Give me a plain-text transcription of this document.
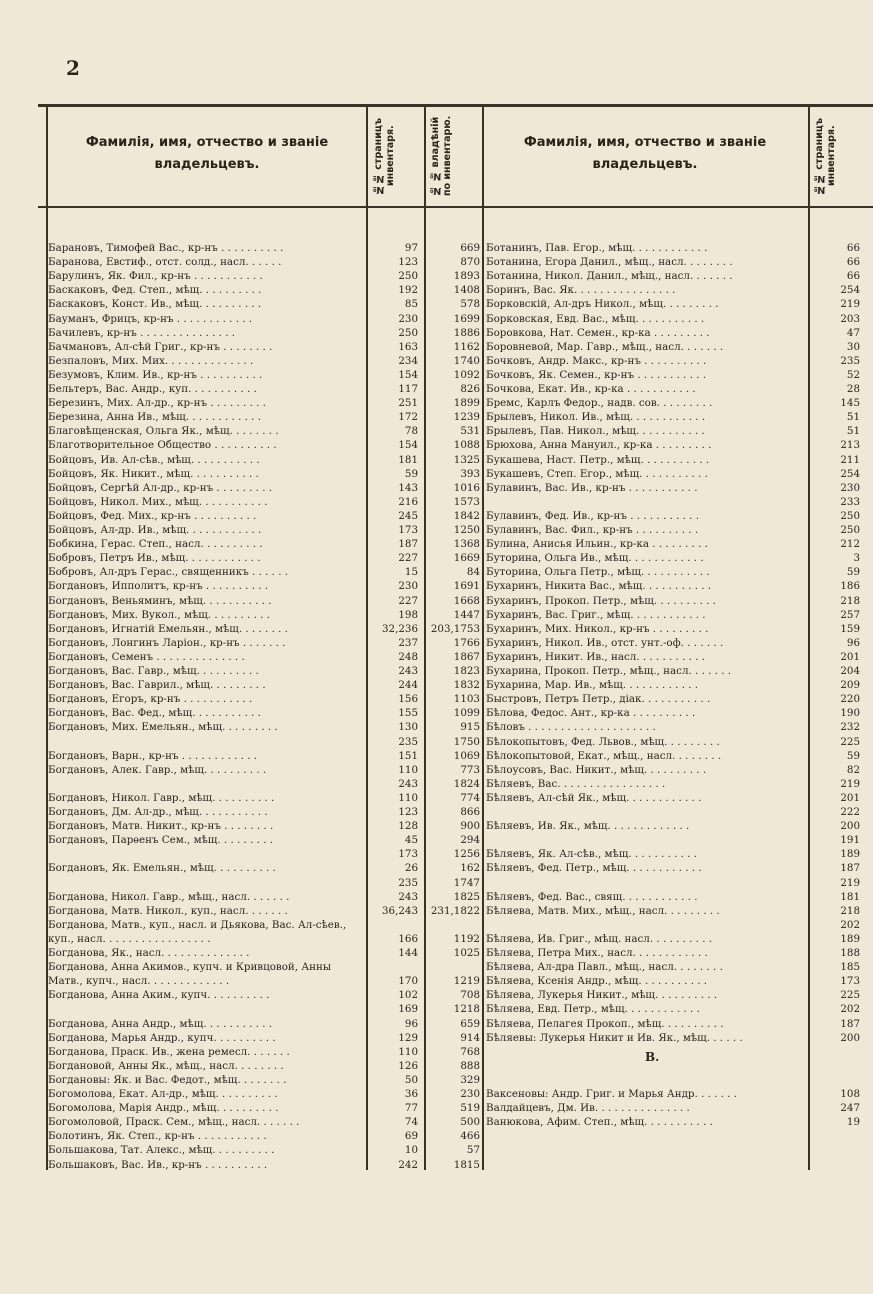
2
Фамилія, имя, отчество и званіе владельцевъ.
Фамилія, имя, отчество и званіе владельцевъ.
№№ страницъ инвентаря.	№ № владѣній по инвентарю.	№№ страницъ инвентаря.
Барановъ, Тимофей Вас., кр-нъ . . . . . . . . . .	97	669
Баранова, Евстиф., отст. солд., насл. . . . . .	123	870
Барулинъ, Як. Фил., кр-нъ . . . . . . . . . . .	250	1893
Баскаковъ, Фед. Степ., мѣщ. . . . . . . . . .	192	1408
Баскаковъ, Конст. Ив., мѣщ. . . . . . . . . .	85	578
Бауманъ, Фрицъ, кр-нъ . . . . . . . . . . . .	230	1699
Бачилевъ, кр-нъ . . . . . . . . . . . . . . .	250	1886
Бачмановъ, Ал-сѣй Григ., кр-нъ . . . . . . . .	163	1162
Безпаловъ, Мих. Мих. . . . . . . . . . . . . .	234	1740
Безумовъ, Клим. Ив., кр-нъ . . . . . . . . . .	154	1092
Бельтеръ, Вас. Андр., куп. . . . . . . . . . .	117	826
Березинъ, Мих. Ал-др., кр-нъ . . . . . . . . .	251	1899
Березина, Анна Ив., мѣщ. . . . . . . . . . . .	172	1239
Благовѣщенская, Ольга Як., мѣщ. . . . . . . .	78	531
Благотворительное Общество . . . . . . . . . .	154	1088
Бойцовъ, Ив. Ал-сѣв., мѣщ. . . . . . . . . . .	181	1325
Бойцовъ, Як. Никит., мѣщ. . . . . . . . . . .	59	393
Бойцовъ, Сергѣй Ал-др., кр-нъ . . . . . . . . .	143	1016
Бойцовъ, Никол. Мих., мѣщ. . . . . . . . . . .	216	1573
Бойцовъ, Фед. Мих., кр-нъ . . . . . . . . . .	245	1842
Бойцовъ, Ал-др. Ив., мѣщ. . . . . . . . . . . .	173	1250
Бобкина, Герас. Степ., насл. . . . . . . . . .	187	1368
Бобровъ, Петръ Ив., мѣщ. . . . . . . . . . . .	227	1669
Бобровъ, Ал-дръ Герас., священникъ . . . . . .	15	84
Богдановъ, Ипполитъ, кр-нъ . . . . . . . . . .	230	1691
Богдановъ, Веньяминъ, мѣщ. . . . . . . . . . .	227	1668
Богдановъ, Мих. Вукол., мѣщ. . . . . . . . . .	198	1447
Богдановъ, Игнатій Емельян., мѣщ. . . . . . . .	32,236	203,1753
Богдановъ, Лонгинъ Ларіон., кр-нъ . . . . . . .	237	1766
Богдановъ, Семенъ . . . . . . . . . . . . . .	248	1867
Богдановъ, Вас. Гавр., мѣщ. . . . . . . . . .	243	1823
Богдановъ, Вас. Гаврил., мѣщ. . . . . . . . .	244	1832
Богдановъ, Егоръ, кр-нъ . . . . . . . . . . .	156	1103
Богдановъ, Вас. Фед., мѣщ. . . . . . . . . . .	155	1099
Богдановъ, Мих. Емельян., мѣщ. . . . . . . . .	130	915
235	1750
Богдановъ, Варн., кр-нъ . . . . . . . . . . . .	151	1069
Богдановъ, Алек. Гавр., мѣщ. . . . . . . . . .	110	773
243	1824
Богдановъ, Никол. Гавр., мѣщ. . . . . . . . . .	110	774
Богдановъ, Дм. Ал-др., мѣщ. . . . . . . . . . .	123	866
Богдановъ, Матв. Никит., кр-нъ . . . . . . . .	128	900
Богдановъ, Парѳенъ Сем., мѣщ. . . . . . . . .	45	294
173	1256
Богдановъ, Як. Емельян., мѣщ. . . . . . . . . .	26	162
235	1747
Богданова, Никол. Гавр., мѣщ., насл. . . . . . .	243	1825
Богданова, Матв. Никол., куп., насл. . . . . . .	36,243	231,1822
Богданова, Матв., куп., насл. и Дьякова, Вас. Ал-сѣев.,
куп., насл. . . . . . . . . . . . . . . . .	166	1192
Богданова, Як., насл. . . . . . . . . . . . . .	144	1025
Богданова, Анна Акимов., купч. и Кривцовой, Анны
Матв., купч., насл. . . . . . . . . . . . .	170	1219
Богданова, Анна Аким., купч. . . . . . . . . .	102	708
169	1218
Богданова, Анна Андр., мѣщ. . . . . . . . . . .	96	659
Богданова, Марья Андр., купч. . . . . . . . . .	129	914
Богданова, Праск. Ив., жена ремесл. . . . . . .	110	768
Богдановой, Анны Як., мѣщ., насл. . . . . . . .	126	888
Богдановы: Як. и Вас. Федот., мѣщ. . . . . . . .	50	329
Богомолова, Екат. Ал-др., мѣщ. . . . . . . . . .	36	230
Богомолова, Марія Андр., мѣщ. . . . . . . . . .	77	519
Богомоловой, Праск. Сем., мѣщ., насл. . . . . . .	74	500
Болотинъ, Як. Степ., кр-нъ . . . . . . . . . . .	69	466
Большакова, Тат. Алекс., мѣщ. . . . . . . . . .	10	57
Большаковъ, Вас. Ив., кр-нъ . . . . . . . . . .	242	1815
Ботанинъ, Пав. Егор., мѣщ. . . . . . . . . . . .	66
Ботанина, Егора Данил., мѣщ., насл. . . . . . . .	66
Ботанина, Никол. Данил., мѣщ., насл. . . . . . .	66
Боринъ, Вас. Як. . . . . . . . . . . . . . . .	254
Борковскій, Ал-дръ Никол., мѣщ. . . . . . . . .	219
Борковская, Евд. Вас., мѣщ. . . . . . . . . . .	203
Боровкова, Нат. Семен., кр-ка . . . . . . . . .	47
Боровневой, Мар. Гавр., мѣщ., насл. . . . . . .	30
Бочковъ, Андр. Макс., кр-нъ . . . . . . . . . .	235
Бочковъ, Як. Семен., кр-нъ . . . . . . . . . . .	52
Бочкова, Екат. Ив., кр-ка . . . . . . . . . . .	28
Бремс, Карлъ Федор., надв. сов. . . . . . . . .	145
Брылевъ, Никол. Ив., мѣщ. . . . . . . . . . . .	51
Брылевъ, Пав. Никол., мѣщ. . . . . . . . . . .	51
Брюхова, Анна Мануил., кр-ка . . . . . . . . .	213
Букашева, Наст. Петр., мѣщ. . . . . . . . . . .	211
Букашевъ, Степ. Егор., мѣщ. . . . . . . . . . .	254
Булавинъ, Вас. Ив., кр-нъ . . . . . . . . . . .	230
233
Булавинъ, Фед. Ив., кр-нъ . . . . . . . . . . .	250
Булавинъ, Вас. Фил., кр-нъ . . . . . . . . . .	250
Булина, Анисья Ильин., кр-ка . . . . . . . . .	212
Буторина, Ольга Ив., мѣщ. . . . . . . . . . . .	3
Буторина, Ольга Петр., мѣщ. . . . . . . . . . .	59
Бухаринъ, Никита Вас., мѣщ. . . . . . . . . . .	186
Бухаринъ, Прокоп. Петр., мѣщ. . . . . . . . . .	218
Бухаринъ, Вас. Григ., мѣщ. . . . . . . . . . . .	257
Бухаринъ, Мих. Никол., кр-нъ . . . . . . . . .	159
Бухаринъ, Никол. Ив., отст. унт.-оф. . . . . . .	96
Бухаринъ, Никит. Ив., насл. . . . . . . . . . .	201
Бухарина, Прокоп. Петр., мѣщ., насл. . . . . . .	204
Бухарина, Мар. Ив., мѣщ. . . . . . . . . . . .	209
Быстровъ, Петръ Петр., діак. . . . . . . . . . .	220
Бѣлова, Федос. Ант., кр-ка . . . . . . . . . .	190
Бѣловъ . . . . . . . . . . . . . . . . . . . .	232
Бѣлокопытовъ, Фед. Львов., мѣщ. . . . . . . . .	225
Бѣлокопытовой, Екат., мѣщ., насл. . . . . . . .	59
Бѣлоусовъ, Вас. Никит., мѣщ. . . . . . . . . .	82
Бѣляевъ, Вас. . . . . . . . . . . . . . . . .	219
Бѣляевъ, Ал-сѣй Як., мѣщ. . . . . . . . . . . .	201
222
Бѣляевъ, Ив. Як., мѣщ. . . . . . . . . . . . .	200
191
Бѣляевъ, Як. Ал-сѣв., мѣщ. . . . . . . . . . .	189
Бѣляевъ, Фед. Петр., мѣщ. . . . . . . . . . . .	187
219
Бѣляевъ, Фед. Вас., свящ. . . . . . . . . . . .	181
Бѣляева, Матв. Мих., мѣщ., насл. . . . . . . . .	218
202
Бѣляева, Ив. Григ., мѣщ. насл. . . . . . . . . .	189
Бѣляева, Петра Мих., насл. . . . . . . . . . . .	188
Бѣляева, Ал-дра Павл., мѣщ., насл. . . . . . . .	185
Бѣляева, Ксенія Андр., мѣщ. . . . . . . . . . .	173
Бѣляева, Лукерья Никит., мѣщ. . . . . . . . . .	225
Бѣляева, Евд. Петр., мѣщ. . . . . . . . . . . .	202
Бѣляева, Пелагея Прокоп., мѣщ. . . . . . . . . .	187
Бѣляевы: Лукерья Никит и Ив. Як., мѣщ. . . . . .	200
В.
Ваксеновы: Андр. Григ. и Марья Андр. . . . . . .	108
Валдайцевъ, Дм. Ив. . . . . . . . . . . . . . .	247
Ванюкова, Афим. Степ., мѣщ. . . . . . . . . . .	19
